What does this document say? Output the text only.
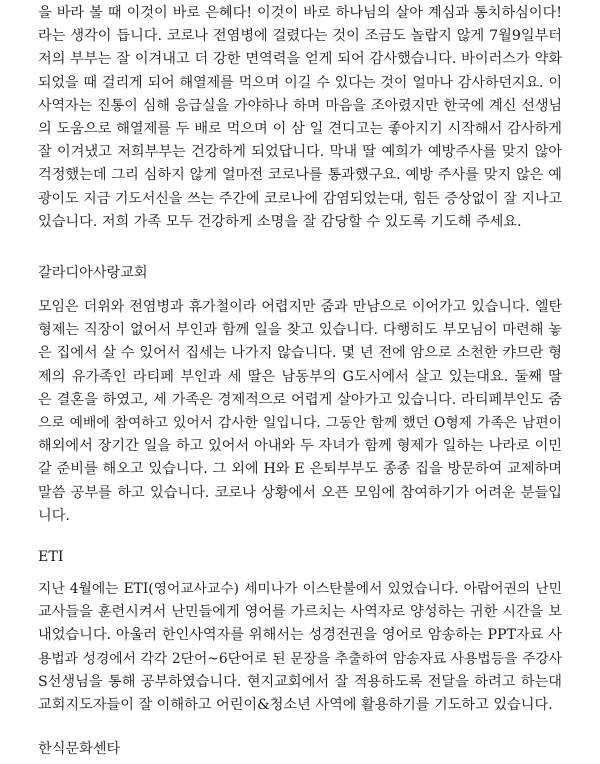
을 바라 볼 때 이것이 바로 은혜다! 이것이 바로 하나님의 살아 계심과 통치하심이다!
라는 생각이 듭니다. 코로나 전염병에 걸렸다는 것이 조금도 놀랍지 않게 7월9일부터
저의 부부는 잘 이겨내고 더 강한 면역력을 얻게 되어 감사했습니다. 바이러스가 약화
되었을 때 걸리게 되어 해열제를 먹으며 이길 수 있다는 것이 얼마나 감사하던지요. 이
사역자는 진통이 심해 응급실을 가야하나 하며 마음을 조아렸지만 한국에 계신 선생님
의 도움으로 해열제를 두 배로 먹으며 이 삼 일 견디고는 좋아지기 시작해서 감사하게
잘 이겨냈고 저희부부는 건강하게 되었답니다. 막내 딸 예희가 예방주사를 맞지 않아
걱정했는데 그리 심하지 않게 얼마전 코로나를 통과했구요. 예방 주사를 맞지 않은 예
광이도 지금 기도서신을 쓰는 주간에 코로나에 감염되었는대, 힘든 증상없이 잘 지나고
있습니다. 저희 가족 모두 건강하게 소명을 잘 감당할 수 있도록 기도해 주세요.
갈라디아사랑교회
모임은 더위와 전염병과 휴가철이라 어렵지만 줌과 만남으로 이어가고 있습니다. 엘탄
형제는 직장이 없어서 부인과 함께 일을 찾고 있습니다. 다행히도 부모님이 마련해 놓
은 집에서 살 수 있어서 집세는 나가지 않습니다. 몇 년 전에 암으로 소천한 캬므란 형
제의 유가족인 라티페 부인과 세 딸은 남동부의 G도시에서 살고 있는대요. 둘째 딸
은 결혼을 하였고, 세 가족은 경제적으로 어렵게 살아가고 있습니다. 라티페부인도 줌
으로 예배에 참여하고 있어서 감사한 일입니다. 그동안 함께 했던 O형제 가족은 남편이
해외에서 장기간 일을 하고 있어서 아내와 두 자녀가 함께 형제가 일하는 나라로 이민
갈 준비를 해오고 있습니다. 그 외에 H와 E 은퇴부부도 종종 집을 방문하여 교제하며
말씀 공부를 하고 있습니다. 코로나 상황에서 오픈 모임에 참여하기가 어려운 분들입
니다.
ETI
지난 4월에는 ETI(영어교사교수) 세미나가 이스탄불에서 있었습니다. 아랍어권의 난민
교사들을 훈련시켜서 난민들에게 영어를 가르치는 사역자로 양성하는 귀한 시간을 보
내었습니다. 아울러 한인사역자를 위해서는 성경전권을 영어로 암송하는 PPT자료 사
용법과 성경에서 각각 2단어~6단어로 된 문장을 추출하여 암송자료 사용법등을 주강사
S선생님을 통해 공부하였습니다. 현지교회에서 잘 적용하도록 전달을 하려고 하는대
교회지도자들이 잘 이해하고 어린이&청소년 사역에 활용하기를 기도하고 있습니다.
한식문화센타
